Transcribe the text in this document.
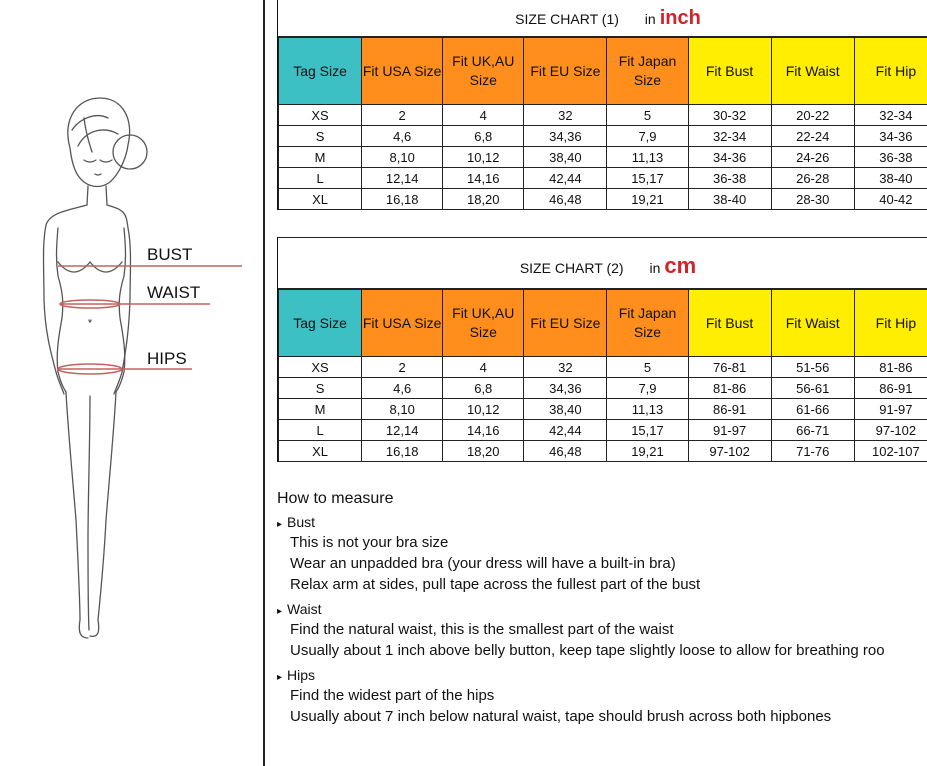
BUST
WAIST
HIPS
SIZE CHART (1) in inch
Tag Size	Fit USA Size	Fit UK,AU Size	Fit EU Size	Fit Japan Size	Fit Bust	Fit Waist	Fit Hip
XS	2	4	32	5	30-32	20-22	32-34
S	4,6	6,8	34,36	7,9	32-34	22-24	34-36
M	8,10	10,12	38,40	11,13	34-36	24-26	36-38
L	12,14	14,16	42,44	15,17	36-38	26-28	38-40
XL	16,18	18,20	46,48	19,21	38-40	28-30	40-42
SIZE CHART (2) in cm
Tag Size	Fit USA Size	Fit UK,AU Size	Fit EU Size	Fit Japan Size	Fit Bust	Fit Waist	Fit Hip
XS	2	4	32	5	76-81	51-56	81-86
S	4,6	6,8	34,36	7,9	81-86	56-61	86-91
M	8,10	10,12	38,40	11,13	86-91	61-66	91-97
L	12,14	14,16	42,44	15,17	91-97	66-71	97-102
XL	16,18	18,20	46,48	19,21	97-102	71-76	102-107
How to measure
▸ Bust
This is not your bra size
Wear an unpadded bra (your dress will have a built-in bra)
Relax arm at sides, pull tape across the fullest part of the bust
▸ Waist
Find the natural waist, this is the smallest part of the waist
Usually about 1 inch above belly button, keep tape slightly loose to allow for breathing roo
▸ Hips
Find the widest part of the hips
Usually about 7 inch below natural waist, tape should brush across both hipbones
